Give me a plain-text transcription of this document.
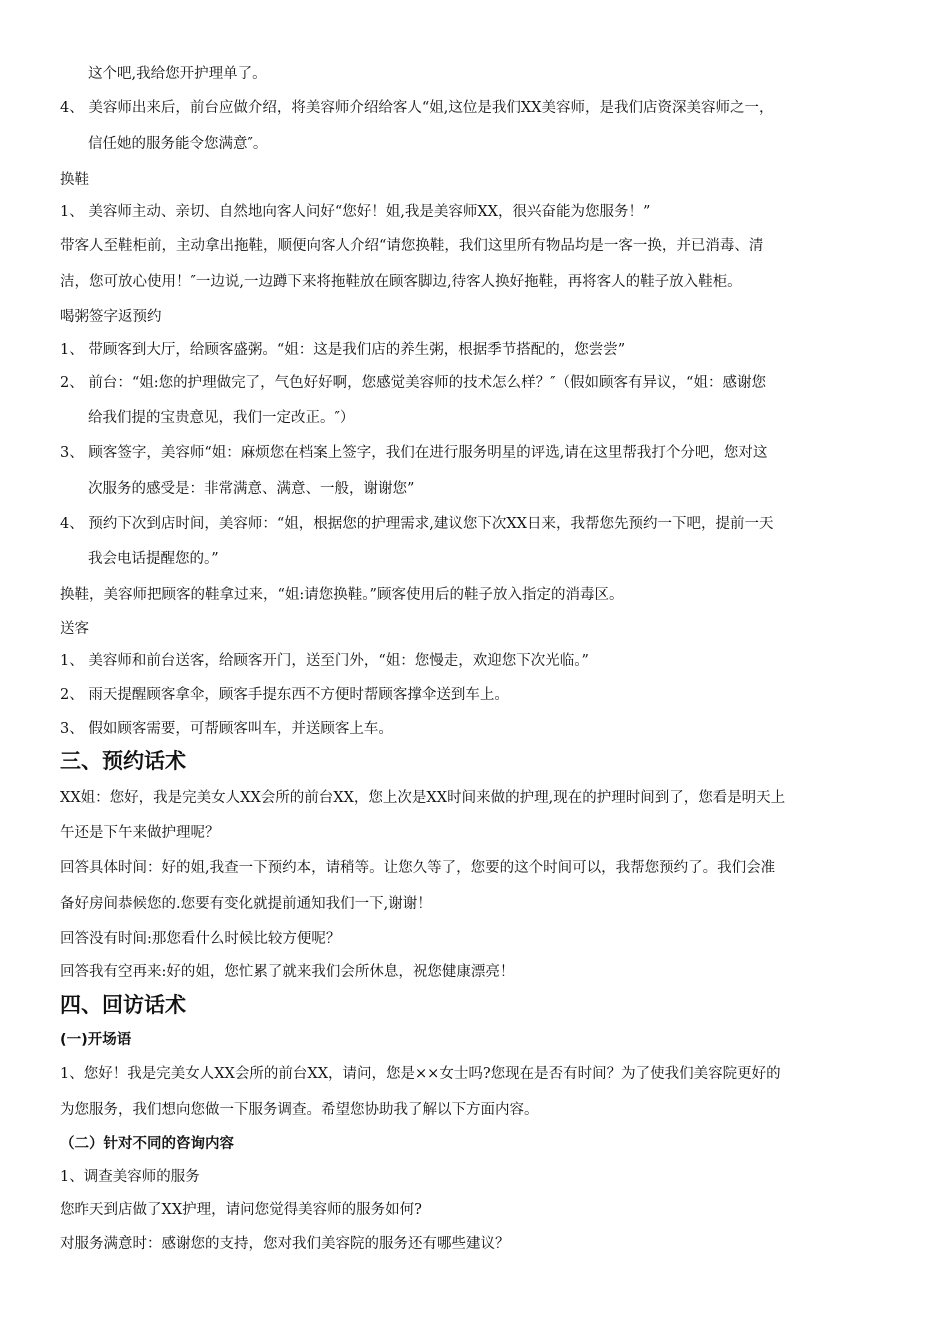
这个吧,我给您开护理单了。
4、 美容师出来后，前台应做介绍，将美容师介绍给客人“姐,这位是我们XX美容师，是我们店资深美容师之一，
信任她的服务能令您满意″。
换鞋
1、 美容师主动、亲切、自然地向客人问好“您好！姐,我是美容师XX，很兴奋能为您服务！”
带客人至鞋柜前，主动拿出拖鞋，顺便向客人介绍“请您换鞋，我们这里所有物品均是一客一换，并已消毒、清
洁，您可放心使用！″一边说,一边蹲下来将拖鞋放在顾客脚边,待客人换好拖鞋，再将客人的鞋子放入鞋柜。
喝粥签字返预约
1、 带顾客到大厅，给顾客盛粥。“姐：这是我们店的养生粥，根据季节搭配的，您尝尝”
2、 前台：“姐:您的护理做完了，气色好好啊，您感觉美容师的技术怎么样？″（假如顾客有异议，“姐：感谢您
给我们提的宝贵意见，我们一定改正。″）
3、 顾客签字，美容师“姐：麻烦您在档案上签字，我们在进行服务明星的评选,请在这里帮我打个分吧，您对这
次服务的感受是：非常满意、满意、一般，谢谢您”
4、 预约下次到店时间，美容师：“姐，根据您的护理需求,建议您下次XX日来，我帮您先预约一下吧，提前一天
我会电话提醒您的。”
换鞋，美容师把顾客的鞋拿过来，“姐:请您换鞋。”顾客使用后的鞋子放入指定的消毒区。
送客
1、 美容师和前台送客，给顾客开门，送至门外，“姐：您慢走，欢迎您下次光临。”
2、 雨天提醒顾客拿伞，顾客手提东西不方便时帮顾客撑伞送到车上。
3、 假如顾客需要，可帮顾客叫车，并送顾客上车。
三、预约话术
XX姐：您好，我是完美女人XX会所的前台XX，您上次是XX时间来做的护理,现在的护理时间到了，您看是明天上
午还是下午来做护理呢？
回答具体时间：好的姐,我查一下预约本，请稍等。让您久等了，您要的这个时间可以，我帮您预约了。我们会准
备好房间恭候您的.您要有变化就提前通知我们一下,谢谢！
回答没有时间:那您看什么时候比较方便呢？
回答我有空再来:好的姐，您忙累了就来我们会所休息，祝您健康漂亮！
四、回访话术
(一)开场语
1、您好！我是完美女人XX会所的前台XX，请问，您是××女士吗?您现在是否有时间？为了使我们美容院更好的
为您服务，我们想向您做一下服务调查。希望您协助我了解以下方面内容。
（二）针对不同的咨询内容
1、调查美容师的服务
您昨天到店做了XX护理，请问您觉得美容师的服务如何?
对服务满意时：感谢您的支持，您对我们美容院的服务还有哪些建议？
